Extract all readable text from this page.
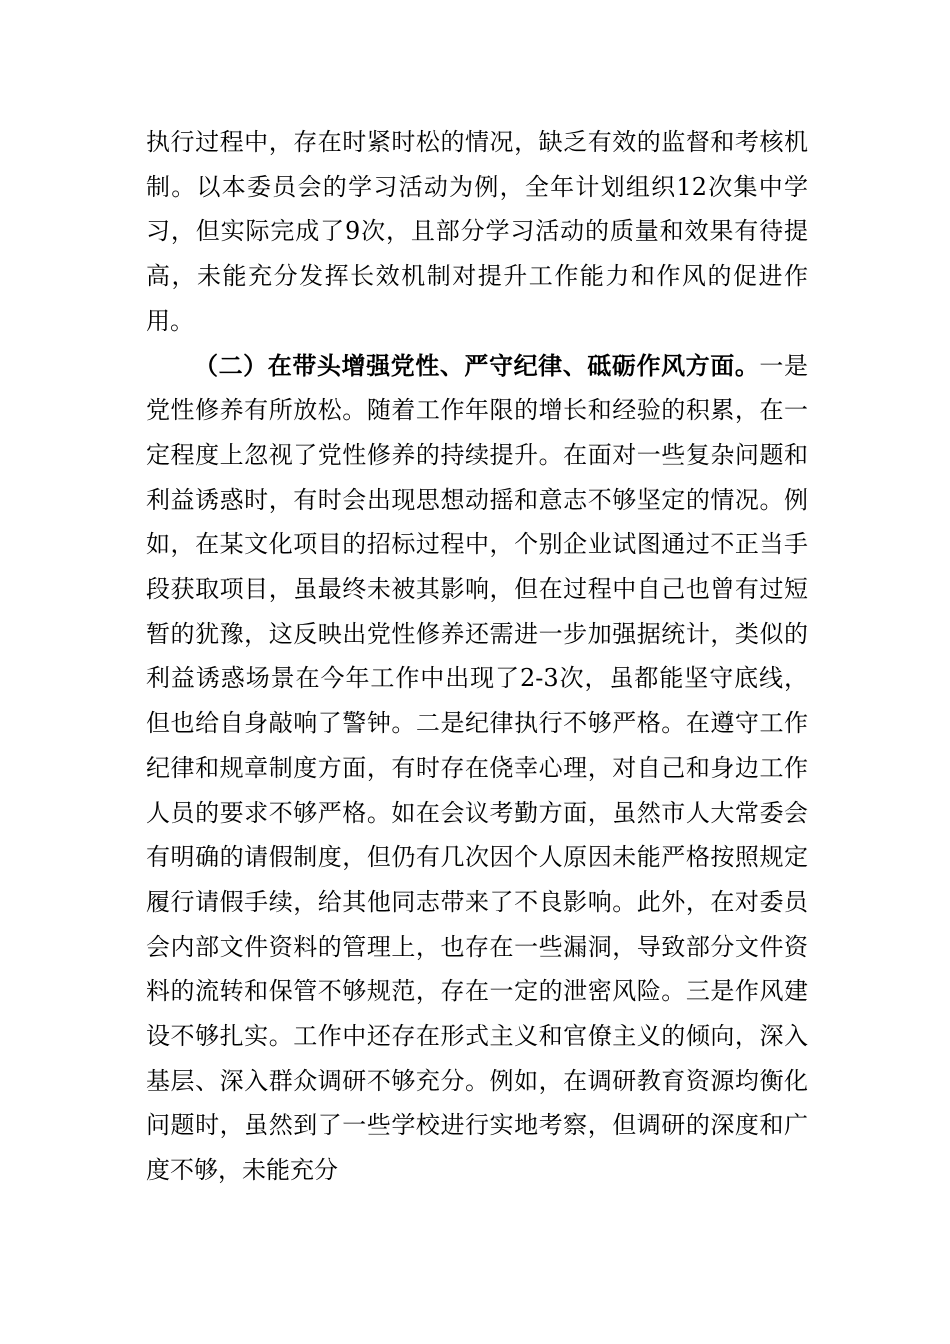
执行过程中，存在时紧时松的情况，缺乏有效的监督和考核机制。以本委员会的学习活动为例，全年计划组织12次集中学习，但实际完成了9次，且部分学习活动的质量和效果有待提高，未能充分发挥长效机制对提升工作能力和作风的促进作用。

（二）在带头增强党性、严守纪律、砥砺作风方面。一是党性修养有所放松。随着工作年限的增长和经验的积累，在一定程度上忽视了党性修养的持续提升。在面对一些复杂问题和利益诱惑时，有时会出现思想动摇和意志不够坚定的情况。例如，在某文化项目的招标过程中，个别企业试图通过不正当手段获取项目，虽最终未被其影响，但在过程中自己也曾有过短暂的犹豫，这反映出党性修养还需进一步加强据统计，类似的利益诱惑场景在今年工作中出现了2-3次，虽都能坚守底线，但也给自身敲响了警钟。二是纪律执行不够严格。在遵守工作纪律和规章制度方面，有时存在侥幸心理，对自己和身边工作人员的要求不够严格。如在会议考勤方面，虽然市人大常委会有明确的请假制度，但仍有几次因个人原因未能严格按照规定履行请假手续，给其他同志带来了不良影响。此外，在对委员会内部文件资料的管理上，也存在一些漏洞，导致部分文件资料的流转和保管不够规范，存在一定的泄密风险。三是作风建设不够扎实。工作中还存在形式主义和官僚主义的倾向，深入基层、深入群众调研不够充分。例如，在调研教育资源均衡化问题时，虽然到了一些学校进行实地考察，但调研的深度和广度不够，未能充分
